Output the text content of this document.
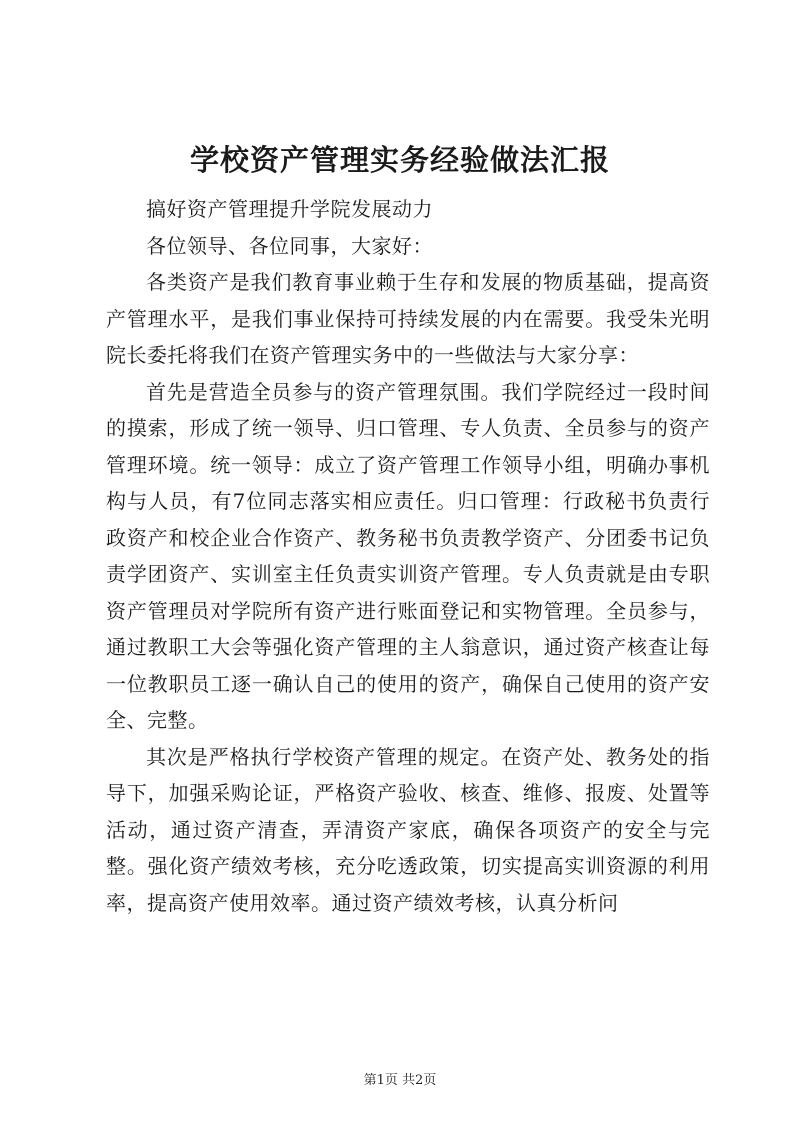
学校资产管理实务经验做法汇报

搞好资产管理提升学院发展动力

各位领导、各位同事，大家好：

各类资产是我们教育事业赖于生存和发展的物质基础，提高资产管理水平，是我们事业保持可持续发展的内在需要。我受朱光明院长委托将我们在资产管理实务中的一些做法与大家分享：

首先是营造全员参与的资产管理氛围。我们学院经过一段时间的摸索，形成了统一领导、归口管理、专人负责、全员参与的资产管理环境。统一领导：成立了资产管理工作领导小组，明确办事机构与人员，有7位同志落实相应责任。归口管理：行政秘书负责行政资产和校企业合作资产、教务秘书负责教学资产、分团委书记负责学团资产、实训室主任负责实训资产管理。专人负责就是由专职资产管理员对学院所有资产进行账面登记和实物管理。全员参与，通过教职工大会等强化资产管理的主人翁意识，通过资产核查让每一位教职员工逐一确认自己的使用的资产，确保自己使用的资产安全、完整。

其次是严格执行学校资产管理的规定。在资产处、教务处的指导下，加强采购论证，严格资产验收、核查、维修、报废、处置等活动，通过资产清查，弄清资产家底，确保各项资产的安全与完整。强化资产绩效考核，充分吃透政策，切实提高实训资源的利用率，提高资产使用效率。通过资产绩效考核，认真分析问

第1页 共2页
